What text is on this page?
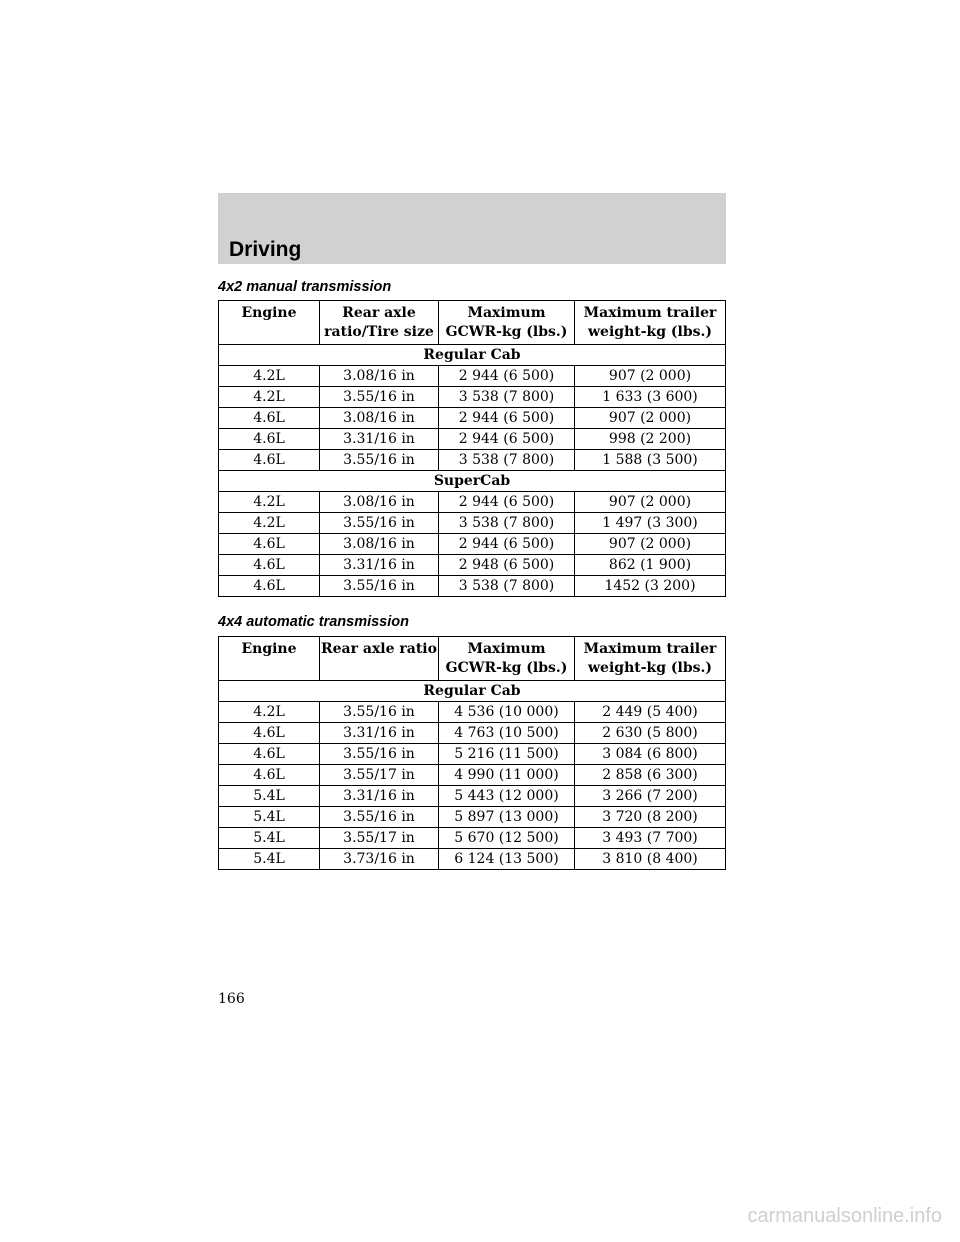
Driving
4x2 manual transmission
Engine	Rear axle ratio/Tire size	Maximum GCWR-kg (lbs.)	Maximum trailer weight-kg (lbs.)
Regular Cab			
4.2L	3.08/16 in	2 944 (6 500)	907 (2 000)
4.2L	3.55/16 in	3 538 (7 800)	1 633 (3 600)
4.6L	3.08/16 in	2 944 (6 500)	907 (2 000)
4.6L	3.31/16 in	2 944 (6 500)	998 (2 200)
4.6L	3.55/16 in	3 538 (7 800)	1 588 (3 500)
SuperCab			
4.2L	3.08/16 in	2 944 (6 500)	907 (2 000)
4.2L	3.55/16 in	3 538 (7 800)	1 497 (3 300)
4.6L	3.08/16 in	2 944 (6 500)	907 (2 000)
4.6L	3.31/16 in	2 948 (6 500)	862 (1 900)
4.6L	3.55/16 in	3 538 (7 800)	1452 (3 200)
4x4 automatic transmission
Engine	Rear axle ratio	Maximum GCWR-kg (lbs.)	Maximum trailer weight-kg (lbs.)
Regular Cab			
4.2L	3.55/16 in	4 536 (10 000)	2 449 (5 400)
4.6L	3.31/16 in	4 763 (10 500)	2 630 (5 800)
4.6L	3.55/16 in	5 216 (11 500)	3 084 (6 800)
4.6L	3.55/17 in	4 990 (11 000)	2 858 (6 300)
5.4L	3.31/16 in	5 443 (12 000)	3 266 (7 200)
5.4L	3.55/16 in	5 897 (13 000)	3 720 (8 200)
5.4L	3.55/17 in	5 670 (12 500)	3 493 (7 700)
5.4L	3.73/16 in	6 124 (13 500)	3 810 (8 400)
166
carmanualsonline.info
